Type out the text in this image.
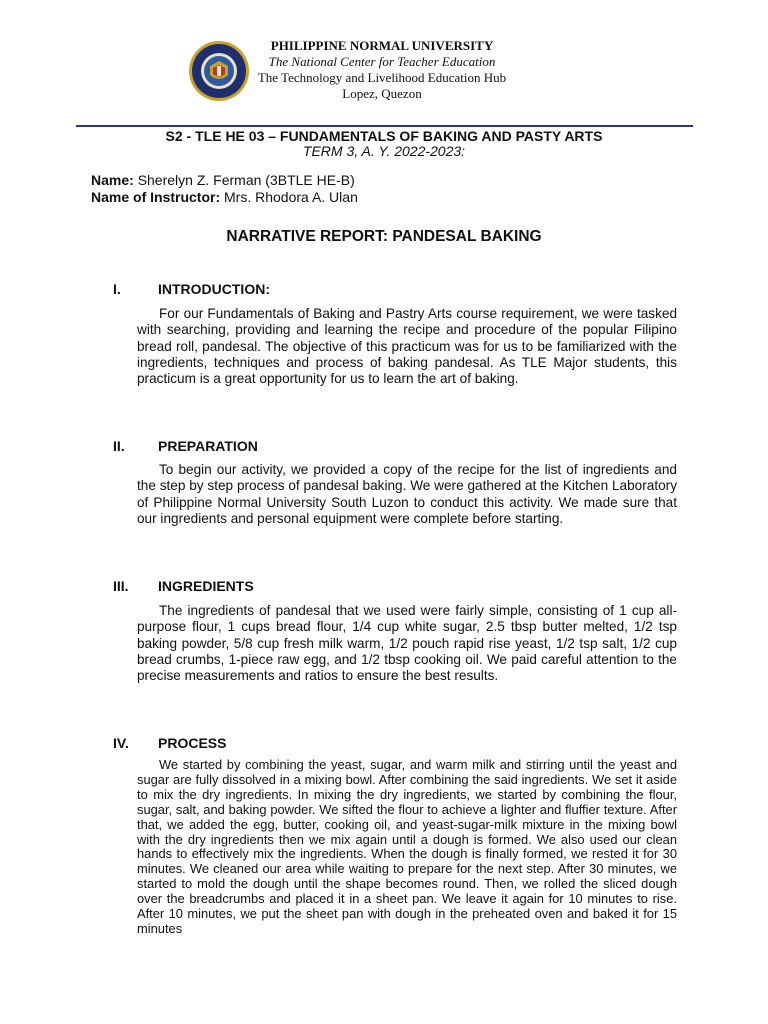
PHILIPPINE NORMAL UNIVERSITY
The National Center for Teacher Education
The Technology and Livelihood Education Hub
Lopez, Quezon
S2 - TLE HE 03 – FUNDAMENTALS OF BAKING AND PASTY ARTS
TERM 3, A. Y. 2022-2023:
Name: Sherelyn Z. Ferman (3BTLE HE-B)
Name of Instructor: Mrs. Rhodora A. Ulan
NARRATIVE REPORT: PANDESAL BAKING
I.	INTRODUCTION:
For our Fundamentals of Baking and Pastry Arts course requirement, we were tasked with searching, providing and learning the recipe and procedure of the popular Filipino bread roll, pandesal. The objective of this practicum was for us to be familiarized with the ingredients, techniques and process of baking pandesal. As TLE Major students, this practicum is a great opportunity for us to learn the art of baking.
II. PREPARATION
To begin our activity, we provided a copy of the recipe for the list of ingredients and the step by step process of pandesal baking. We were gathered at the Kitchen Laboratory of Philippine Normal University South Luzon to conduct this activity. We made sure that our ingredients and personal equipment were complete before starting.
III. INGREDIENTS
The ingredients of pandesal that we used were fairly simple, consisting of 1 cup all-purpose flour, 1 cups bread flour, 1/4 cup white sugar, 2.5 tbsp butter melted, 1/2 tsp baking powder, 5/8 cup fresh milk warm, 1/2 pouch rapid rise yeast, 1/2 tsp salt, 1/2 cup bread crumbs, 1-piece raw egg, and 1/2 tbsp cooking oil. We paid careful attention to the precise measurements and ratios to ensure the best results.
IV. PROCESS
We started by combining the yeast, sugar, and warm milk and stirring until the yeast and sugar are fully dissolved in a mixing bowl. After combining the said ingredients. We set it aside to mix the dry ingredients. In mixing the dry ingredients, we started by combining the flour, sugar, salt, and baking powder. We sifted the flour to achieve a lighter and fluffier texture. After that, we added the egg, butter, cooking oil, and yeast-sugar-milk mixture in the mixing bowl with the dry ingredients then we mix again until a dough is formed. We also used our clean hands to effectively mix the ingredients. When the dough is finally formed, we rested it for 30 minutes. We cleaned our area while waiting to prepare for the next step. After 30 minutes, we started to mold the dough until the shape becomes round. Then, we rolled the sliced dough over the breadcrumbs and placed it in a sheet pan. We leave it again for 10 minutes to rise. After 10 minutes, we put the sheet pan with dough in the preheated oven and baked it for 15 minutes
